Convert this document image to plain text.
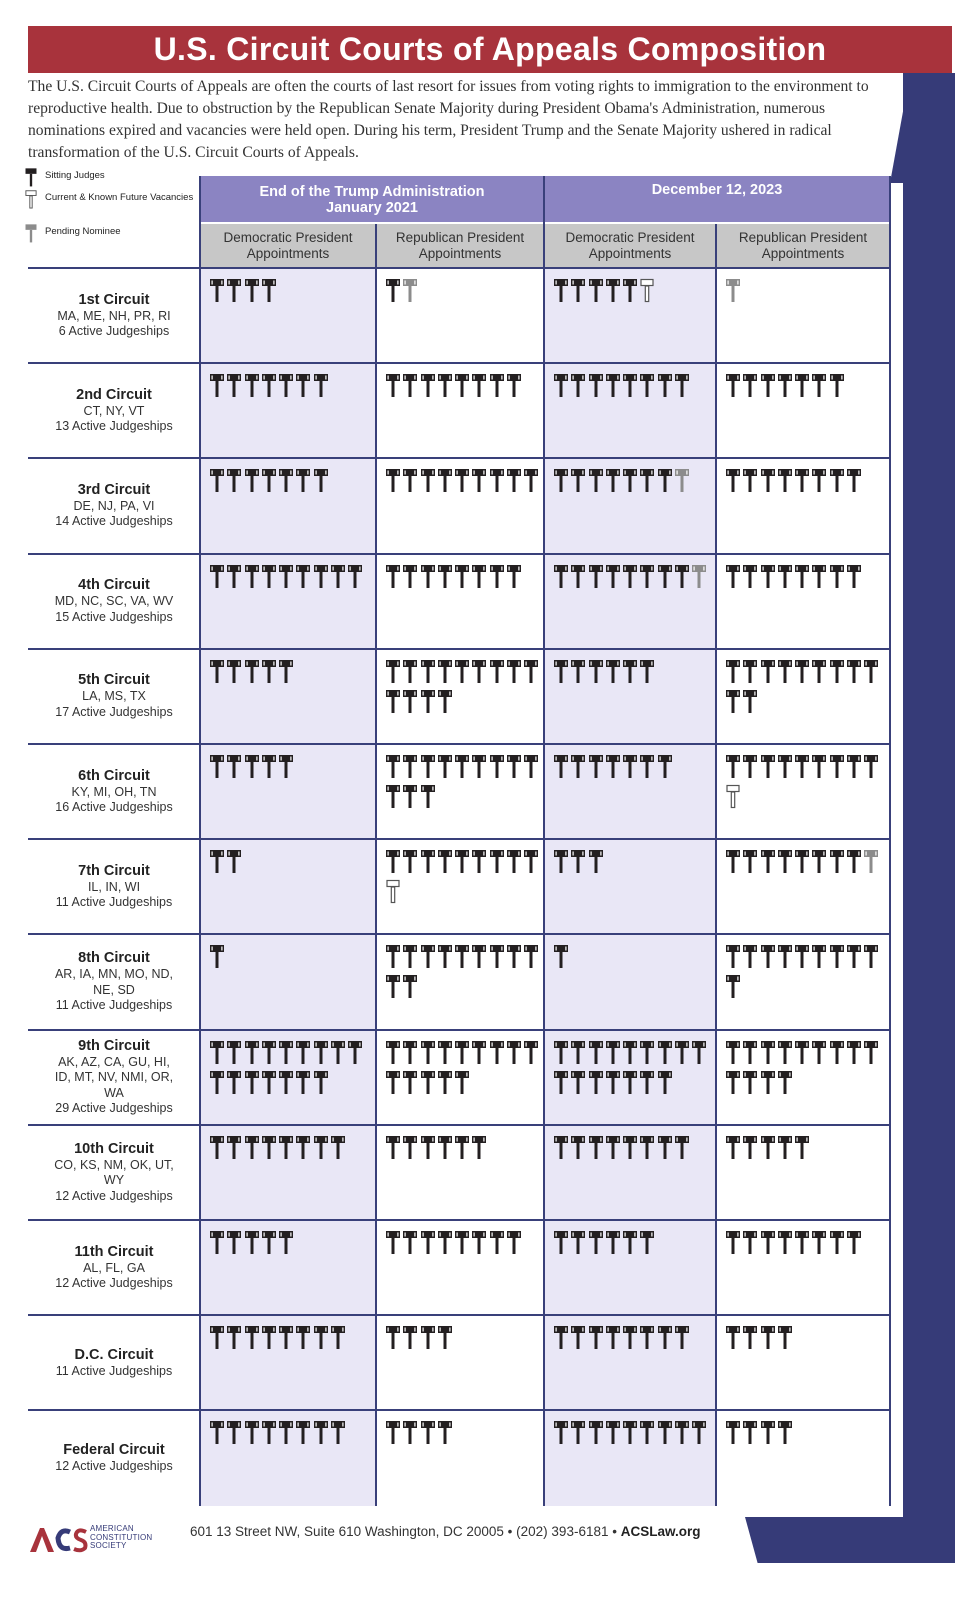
U.S. Circuit Courts of Appeals Composition

The U.S. Circuit Courts of Appeals are often the courts of last resort for issues from voting rights to immigration to the environment to reproductive health. Due to obstruction by the Republican Senate Majority during President Obama's Administration, numerous nominations expired and vacancies were held open. During his term, President Trump and the Senate Majority ushered in radical transformation of the U.S. Circuit Courts of Appeals.

Sitting Judges
Current & Known Future Vacancies
Pending Nominee
End of the Trump Administration January 2021
December 12, 2023
Democratic President Appointments
Republican President Appointments
Democratic President Appointments
Republican President Appointments
1st Circuit
MA, ME, NH, PR, RI
6 Active Judgeships
2nd Circuit
CT, NY, VT
13 Active Judgeships
3rd Circuit
DE, NJ, PA, VI
14 Active Judgeships
4th Circuit
MD, NC, SC, VA, WV
15 Active Judgeships
5th Circuit
LA, MS, TX
17 Active Judgeships
6th Circuit
KY, MI, OH, TN
16 Active Judgeships
7th Circuit
IL, IN, WI
11 Active Judgeships
8th Circuit
AR, IA, MN, MO, ND, NE, SD
11 Active Judgeships
9th Circuit
AK, AZ, CA, GU, HI, ID, MT, NV, NMI, OR, WA
29 Active Judgeships
10th Circuit
CO, KS, NM, OK, UT, WY
12 Active Judgeships
11th Circuit
AL, FL, GA
12 Active Judgeships
D.C. Circuit
11 Active Judgeships
Federal Circuit
12 Active Judgeships
AMERICAN CONSTITUTION SOCIETY
601 13 Street NW, Suite 610 Washington, DC 20005 • (202) 393-6181 • ACSLaw.org
